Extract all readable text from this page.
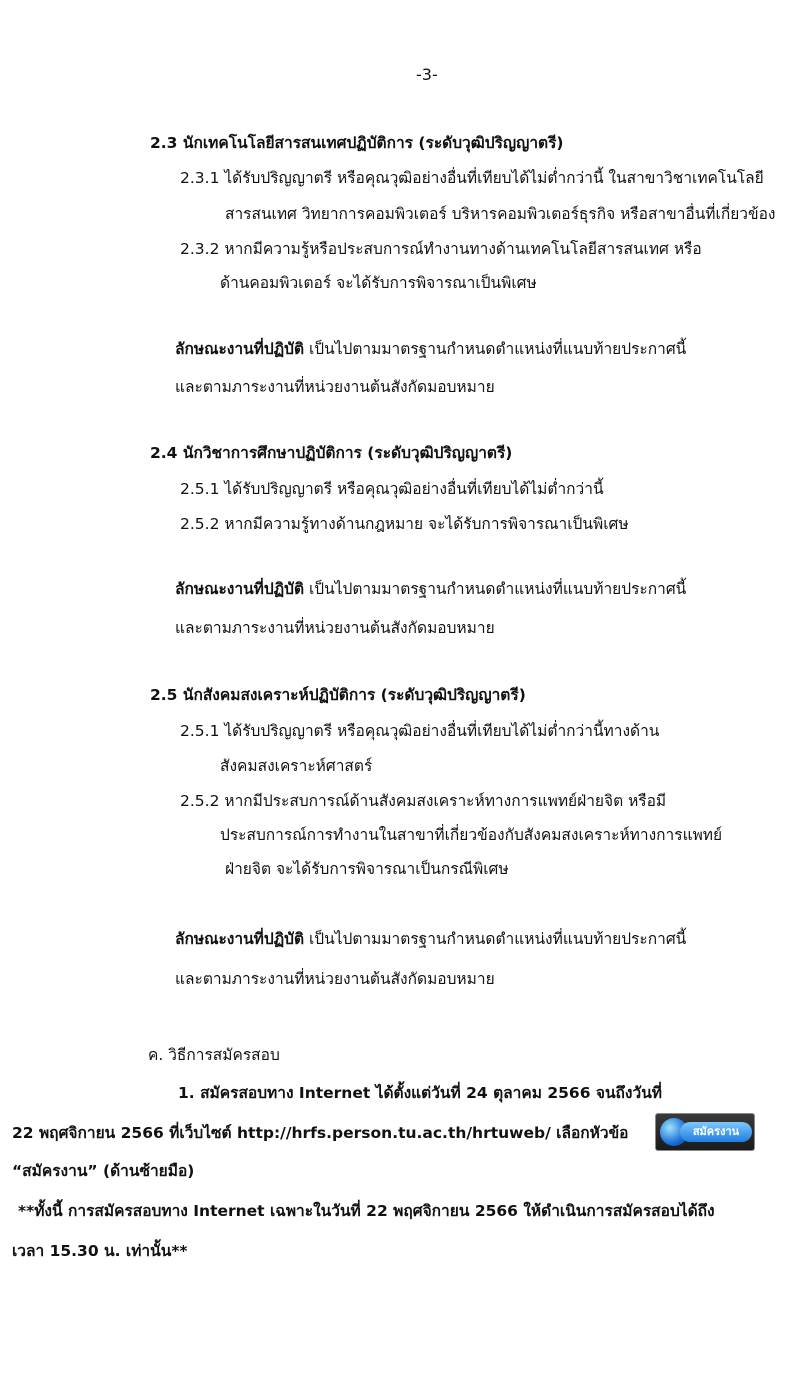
-3-
2.3 นักเทคโนโลยีสารสนเทศปฏิบัติการ (ระดับวุฒิปริญญาตรี)
2.3.1 ได้รับปริญญาตรี หรือคุณวุฒิอย่างอื่นที่เทียบได้ไม่ต่ำกว่านี้ ในสาขาวิชาเทคโนโลยี
สารสนเทศ วิทยาการคอมพิวเตอร์ บริหารคอมพิวเตอร์ธุรกิจ หรือสาขาอื่นที่เกี่ยวข้อง
2.3.2 หากมีความรู้หรือประสบการณ์ทำงานทางด้านเทคโนโลยีสารสนเทศ หรือ
ด้านคอมพิวเตอร์ จะได้รับการพิจารณาเป็นพิเศษ
ลักษณะงานที่ปฏิบัติ เป็นไปตามมาตรฐานกำหนดตำแหน่งที่แนบท้ายประกาศนี้
และตามภาระงานที่หน่วยงานต้นสังกัดมอบหมาย
2.4 นักวิชาการศึกษาปฏิบัติการ (ระดับวุฒิปริญญาตรี)
2.5.1 ได้รับปริญญาตรี หรือคุณวุฒิอย่างอื่นที่เทียบได้ไม่ต่ำกว่านี้
2.5.2 หากมีความรู้ทางด้านกฎหมาย จะได้รับการพิจารณาเป็นพิเศษ
ลักษณะงานที่ปฏิบัติ เป็นไปตามมาตรฐานกำหนดตำแหน่งที่แนบท้ายประกาศนี้
และตามภาระงานที่หน่วยงานต้นสังกัดมอบหมาย
2.5 นักสังคมสงเคราะห์ปฏิบัติการ (ระดับวุฒิปริญญาตรี)
2.5.1 ได้รับปริญญาตรี หรือคุณวุฒิอย่างอื่นที่เทียบได้ไม่ต่ำกว่านี้ทางด้าน
สังคมสงเคราะห์ศาสตร์
2.5.2 หากมีประสบการณ์ด้านสังคมสงเคราะห์ทางการแพทย์ฝ่ายจิต หรือมี
ประสบการณ์การทำงานในสาขาที่เกี่ยวข้องกับสังคมสงเคราะห์ทางการแพทย์
ฝ่ายจิต จะได้รับการพิจารณาเป็นกรณีพิเศษ
ลักษณะงานที่ปฏิบัติ เป็นไปตามมาตรฐานกำหนดตำแหน่งที่แนบท้ายประกาศนี้
และตามภาระงานที่หน่วยงานต้นสังกัดมอบหมาย
ค. วิธีการสมัครสอบ
1. สมัครสอบทาง Internet ได้ตั้งแต่วันที่ 24 ตุลาคม 2566 จนถึงวันที่
22 พฤศจิกายน 2566 ที่เว็บไซต์ http://hrfs.person.tu.ac.th/hrtuweb/ เลือกหัวข้อ	สมัครงาน
“สมัครงาน” (ด้านซ้ายมือ)
**ทั้งนี้ การสมัครสอบทาง Internet เฉพาะในวันที่ 22 พฤศจิกายน 2566 ให้ดำเนินการสมัครสอบได้ถึง
เวลา 15.30 น. เท่านั้น**
